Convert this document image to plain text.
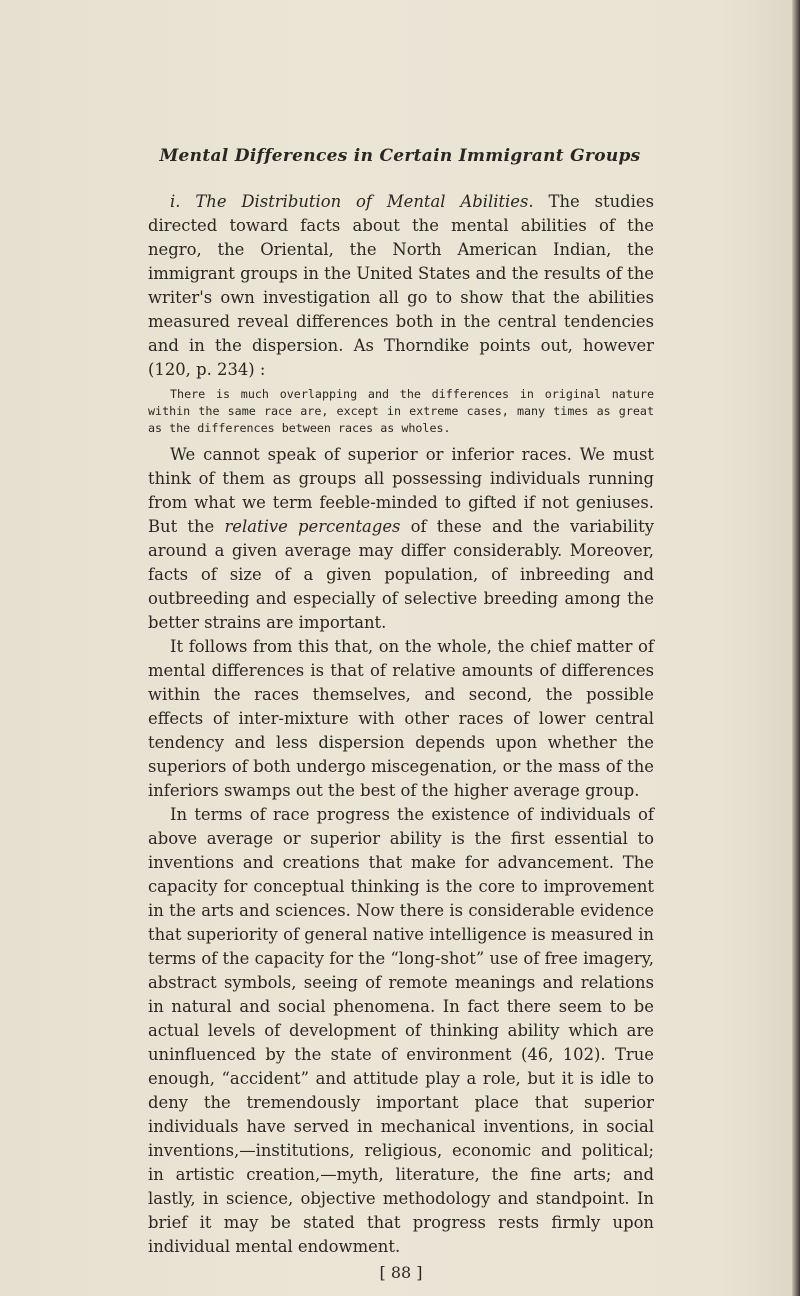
Mental Differences in Certain Immigrant Groups

i. The Distribution of Mental Abilities. The studies directed toward facts about the mental abilities of the negro, the Oriental, the North American Indian, the immigrant groups in the United States and the results of the writer's own investigation all go to show that the abilities measured reveal differences both in the central tendencies and in the dispersion. As Thorndike points out, however (120, p. 234) :

There is much overlapping and the differences in original nature within the same race are, except in extreme cases, many times as great as the differences between races as wholes.

We cannot speak of superior or inferior races. We must think of them as groups all possessing individuals running from what we term feeble-minded to gifted if not geniuses. But the relative percentages of these and the variability around a given average may differ considerably. Moreover, facts of size of a given population, of inbreeding and outbreeding and especially of selective breeding among the better strains are important.

It follows from this that, on the whole, the chief matter of mental differences is that of relative amounts of differences within the races themselves, and second, the possible effects of inter-mixture with other races of lower central tendency and less dispersion depends upon whether the superiors of both undergo miscegenation, or the mass of the inferiors swamps out the best of the higher average group.

In terms of race progress the existence of individuals of above average or superior ability is the first essential to inventions and creations that make for advancement. The capacity for conceptual thinking is the core to improvement in the arts and sciences. Now there is considerable evidence that superiority of general native intelligence is measured in terms of the capacity for the “long-shot” use of free imagery, abstract symbols, seeing of remote meanings and relations in natural and social phenomena. In fact there seem to be actual levels of development of thinking ability which are uninfluenced by the state of environment (46, 102). True enough, “accident” and attitude play a role, but it is idle to deny the tremendously important place that superior individuals have served in mechanical inventions, in social inventions,—institutions, religious, economic and political; in artistic creation,—myth, literature, the fine arts; and lastly, in science, objective methodology and standpoint. In brief it may be stated that progress rests firmly upon individual mental endowment.

[ 88 ]
